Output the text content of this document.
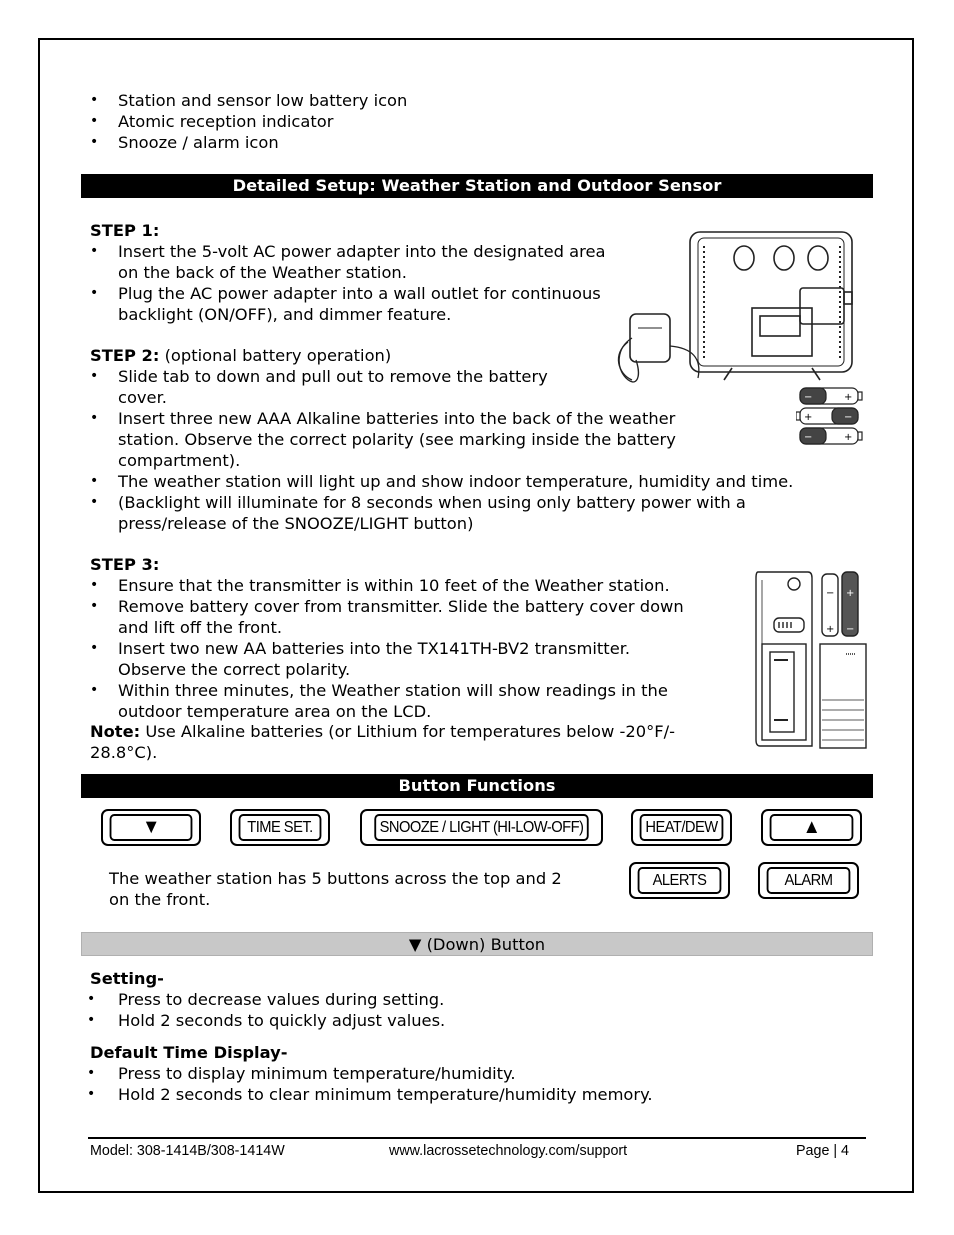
• Station and sensor low battery icon
• Atomic reception indicator
• Snooze / alarm icon
Detailed Setup: Weather Station and Outdoor Sensor
STEP 1:
• Insert the 5-volt AC power adapter into the designated area
on the back of the Weather station.
• Plug the AC power adapter into a wall outlet for continuous
backlight (ON/OFF), and dimmer feature.
STEP 2: (optional battery operation)
• Slide tab to down and pull out to remove the battery
cover.
• Insert three new AAA Alkaline batteries into the back of the weather
station. Observe the correct polarity (see marking inside the battery
compartment).
• The weather station will light up and show indoor temperature, humidity and time.
• (Backlight will illuminate for 8 seconds when using only battery power with a
press/release of the SNOOZE/LIGHT button)
−	+
+	−
−	+
STEP 3:
• Ensure that the transmitter is within 10 feet of the Weather station.
• Remove battery cover from transmitter. Slide the battery cover down
and lift off the front.
• Insert two new AA batteries into the TX141TH-BV2 transmitter.
Observe the correct polarity.
• Within three minutes, the Weather station will show readings in the
outdoor temperature area on the LCD.
Note: Use Alkaline batteries (or Lithium for temperatures below -20°F/-
28.8°C).
−
+
+
−
Button Functions
▼	TIME SET.	SNOOZE / LIGHT (HI-LOW-OFF)	HEAT/DEW	▲
ALERTS	ALARM
The weather station has 5 buttons across the top and 2
on the front.
▼ (Down) Button
Setting-
• Press to decrease values during setting.
• Hold 2 seconds to quickly adjust values.
Default Time Display-
• Press to display minimum temperature/humidity.
• Hold 2 seconds to clear minimum temperature/humidity memory.
Model: 308-1414B/308-1414W	www.lacrossetechnology.com/support	Page | 4
